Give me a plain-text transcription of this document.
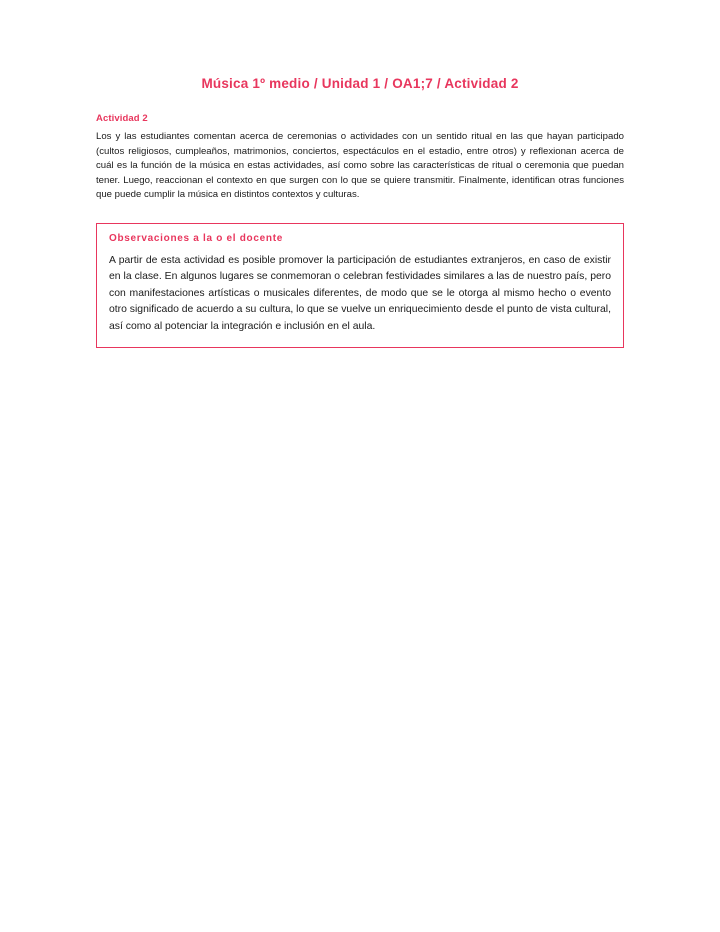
Música 1º medio / Unidad 1 / OA1;7 / Actividad 2
Actividad 2

Los y las estudiantes comentan acerca de ceremonias o actividades con un sentido ritual en las que hayan participado (cultos religiosos, cumpleaños, matrimonios, conciertos, espectáculos en el estadio, entre otros) y reflexionan acerca de cuál es la función de la música en estas actividades, así como sobre las características de ritual o ceremonia que puedan tener. Luego, reaccionan el contexto en que surgen con lo que se quiere transmitir. Finalmente, identifican otras funciones que puede cumplir la música en distintos contextos y culturas.

Observaciones a la o el docente

A partir de esta actividad es posible promover la participación de estudiantes extranjeros, en caso de existir en la clase. En algunos lugares se conmemoran o celebran festividades similares a las de nuestro país, pero con manifestaciones artísticas o musicales diferentes, de modo que se le otorga al mismo hecho o evento otro significado de acuerdo a su cultura, lo que se vuelve un enriquecimiento desde el punto de vista cultural, así como al potenciar la integración e inclusión en el aula.
